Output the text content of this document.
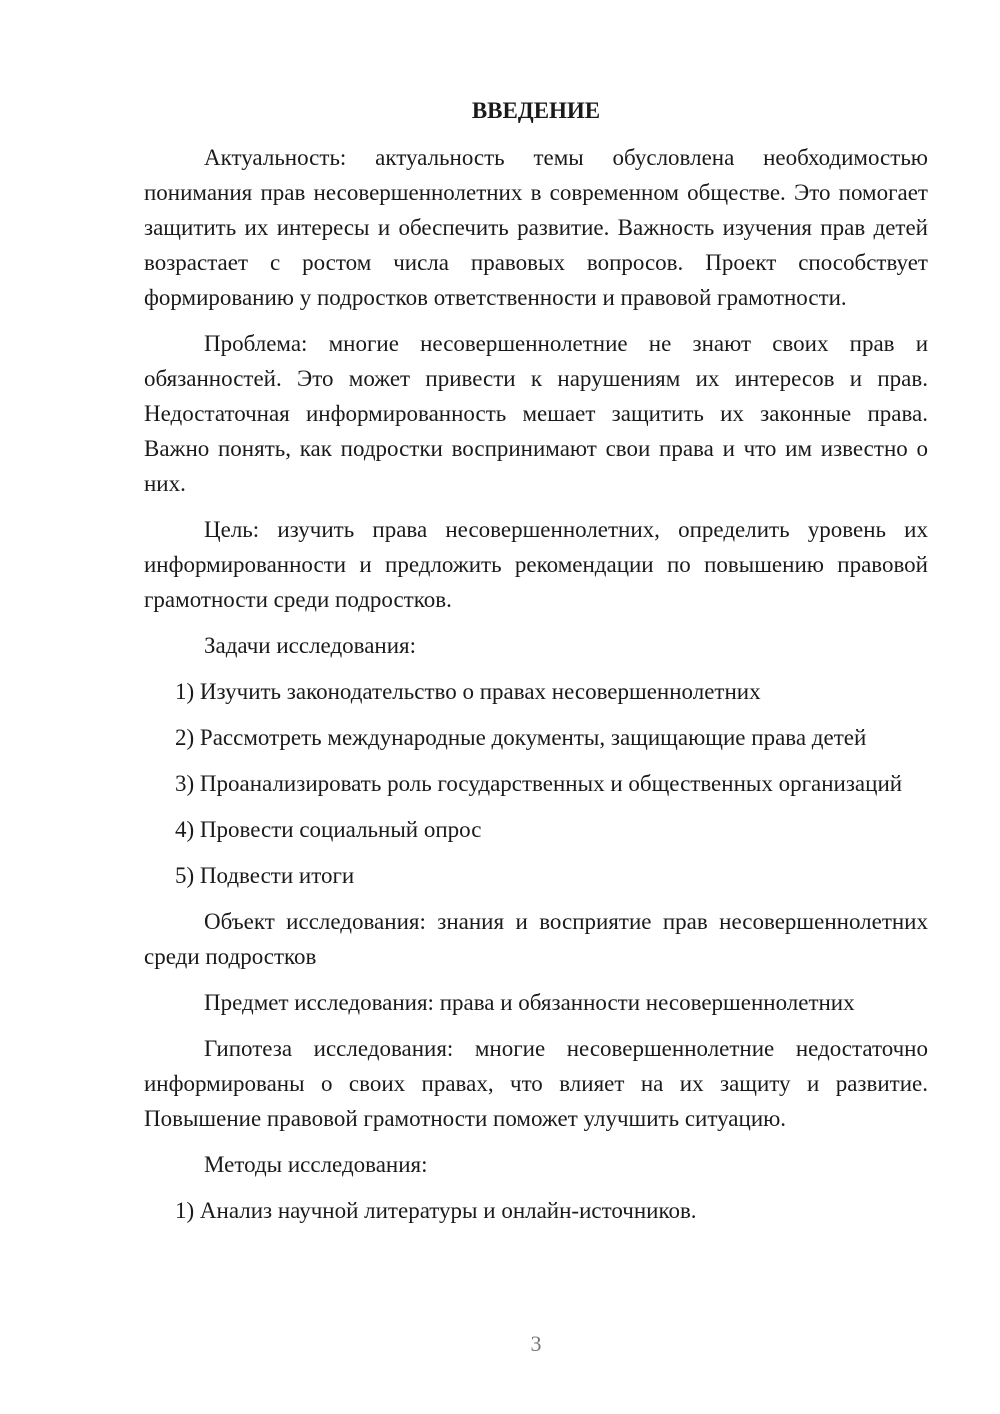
ВВЕДЕНИЕ

Актуальность: актуальность темы обусловлена необходимостью понимания прав несовершеннолетних в современном обществе. Это помогает защитить их интересы и обеспечить развитие. Важность изучения прав детей возрастает с ростом числа правовых вопросов. Проект способствует формированию у подростков ответственности и правовой грамотности.

Проблема: многие несовершеннолетние не знают своих прав и обязанностей. Это может привести к нарушениям их интересов и прав. Недостаточная информированность мешает защитить их законные права. Важно понять, как подростки воспринимают свои права и что им известно о них.

Цель: изучить права несовершеннолетних, определить уровень их информированности и предложить рекомендации по повышению правовой грамотности среди подростков.

Задачи исследования:

1) Изучить законодательство о правах несовершеннолетних

2) Рассмотреть международные документы, защищающие права детей

3) Проанализировать роль государственных и общественных организаций

4) Провести социальный опрос

5) Подвести итоги

Объект исследования: знания и восприятие прав несовершеннолетних среди подростков

Предмет исследования: права и обязанности несовершеннолетних

Гипотеза исследования: многие несовершеннолетние недостаточно информированы о своих правах, что влияет на их защиту и развитие. Повышение правовой грамотности поможет улучшить ситуацию.

Методы исследования:

1) Анализ научной литературы и онлайн-источников.

3
